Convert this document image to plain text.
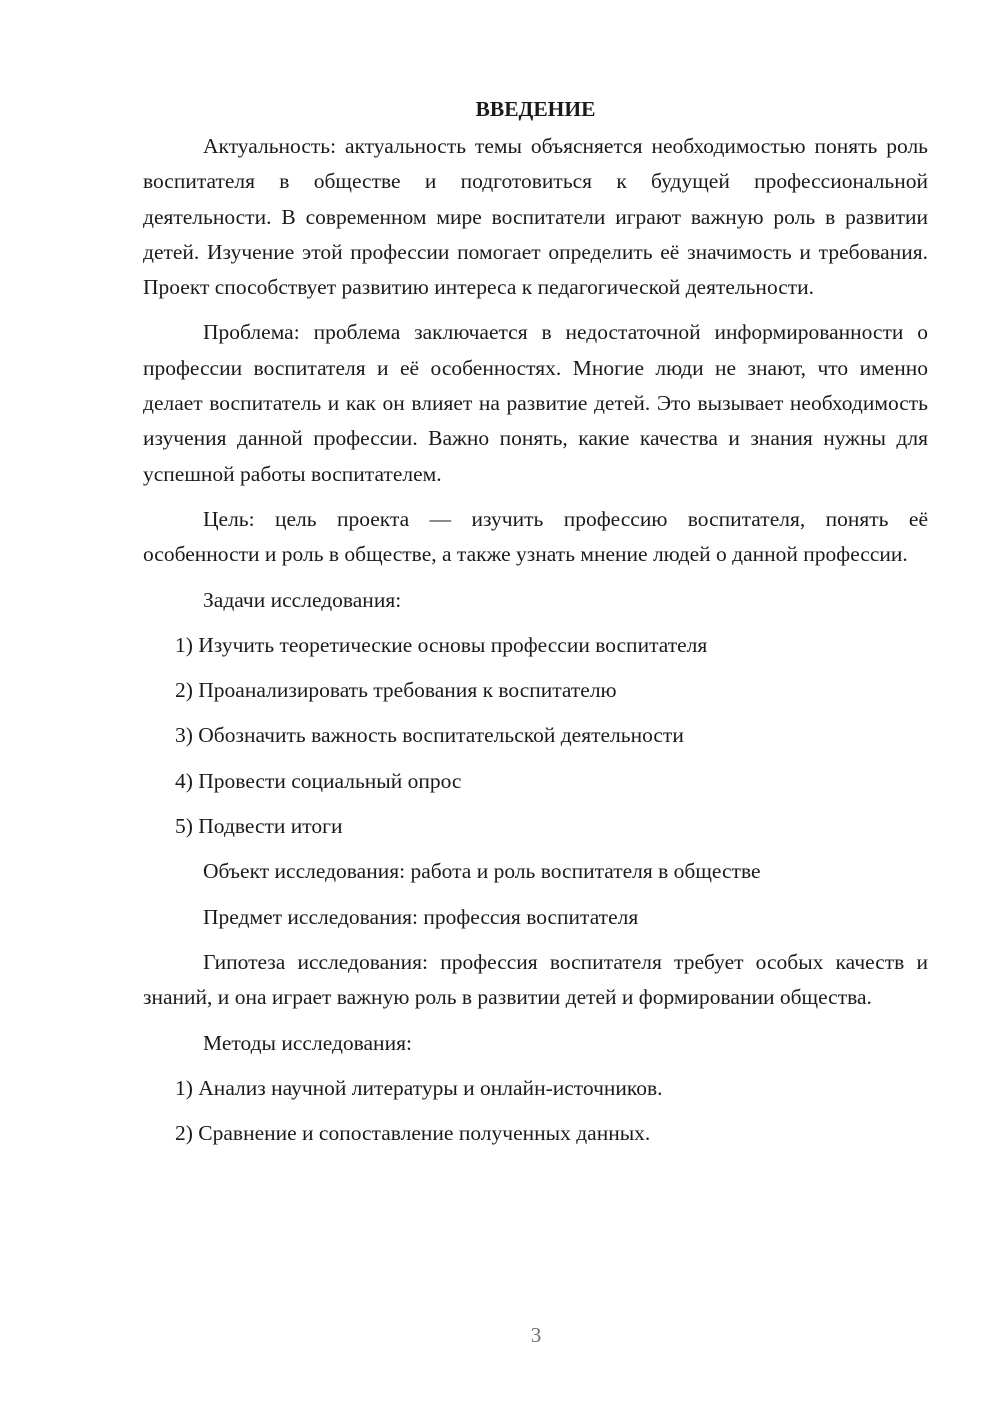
ВВЕДЕНИЕ

Актуальность: актуальность темы объясняется необходимостью понять роль воспитателя в обществе и подготовиться к будущей профессиональной деятельности. В современном мире воспитатели играют важную роль в развитии детей. Изучение этой профессии помогает определить её значимость и требования. Проект способствует развитию интереса к педагогической деятельности.

Проблема: проблема заключается в недостаточной информированности о профессии воспитателя и её особенностях. Многие люди не знают, что именно делает воспитатель и как он влияет на развитие детей. Это вызывает необходимость изучения данной профессии. Важно понять, какие качества и знания нужны для успешной работы воспитателем.

Цель: цель проекта — изучить профессию воспитателя, понять её особенности и роль в обществе, а также узнать мнение людей о данной профессии.

Задачи исследования:
1) Изучить теоретические основы профессии воспитателя
2) Проанализировать требования к воспитателю
3) Обозначить важность воспитательской деятельности
4) Провести социальный опрос
5) Подвести итоги
Объект исследования: работа и роль воспитателя в обществе
Предмет исследования: профессия воспитателя

Гипотеза исследования: профессия воспитателя требует особых качеств и знаний, и она играет важную роль в развитии детей и формировании общества.

Методы исследования:
1) Анализ научной литературы и онлайн-источников.
2) Сравнение и сопоставление полученных данных.
3
